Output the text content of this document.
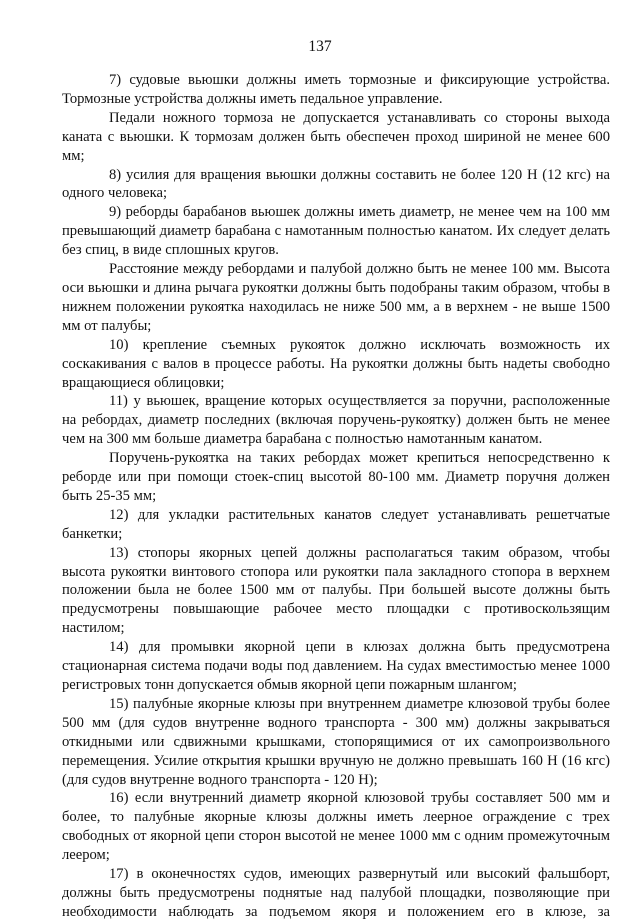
137

7) судовые вьюшки должны иметь тормозные и фиксирующие устройства. Тормозные устройства должны иметь педальное управление.

Педали ножного тормоза не допускается устанавливать со стороны выхода каната с вьюшки. К тормозам должен быть обеспечен проход шириной не менее 600 мм;

8) усилия для вращения вьюшки должны составить не более 120 Н (12 кгс) на одного человека;

9) реборды барабанов вьюшек должны иметь диаметр, не менее чем на 100 мм превышающий диаметр барабана с намотанным полностью канатом. Их следует делать без спиц, в виде сплошных кругов.

Расстояние между ребордами и палубой должно быть не менее 100 мм. Высота оси вьюшки и длина рычага рукоятки должны быть подобраны таким образом, чтобы в нижнем положении рукоятка находилась не ниже 500 мм, а в верхнем - не выше 1500 мм от палубы;

10) крепление съемных рукояток должно исключать возможность их соскакивания с валов в процессе работы. На рукоятки должны быть надеты свободно вращающиеся облицовки;

11) у вьюшек, вращение которых осуществляется за поручни, расположенные на ребордах, диаметр последних (включая поручень-рукоятку) должен быть не менее чем на 300 мм больше диаметра барабана с полностью намотанным канатом.

Поручень-рукоятка на таких ребордах может крепиться непосредственно к реборде или при помощи стоек-спиц высотой 80-100 мм. Диаметр поручня должен быть 25-35 мм;

12) для укладки растительных канатов следует устанавливать решетчатые банкетки;

13) стопоры якорных цепей должны располагаться таким образом, чтобы высота рукоятки винтового стопора или рукоятки пала закладного стопора в верхнем положении была не более 1500 мм от палубы. При большей высоте должны быть предусмотрены повышающие рабочее место площадки с противоскользящим настилом;

14) для промывки якорной цепи в клюзах должна быть предусмотрена стационарная система подачи воды под давлением. На судах вместимостью менее 1000 регистровых тонн допускается обмыв якорной цепи пожарным шлангом;

15) палубные якорные клюзы при внутреннем диаметре клюзовой трубы более 500 мм (для судов внутренне водного транспорта - 300 мм) должны закрываться откидными или сдвижными крышками, стопорящимися от их самопроизвольного перемещения. Усилие открытия крышки вручную не должно превышать 160 Н (16 кгс) (для судов внутренне водного транспорта - 120 Н);

16) если внутренний диаметр якорной клюзовой трубы составляет 500 мм и более, то палубные якорные клюзы должны иметь леерное ограждение с трех свободных от якорной цепи сторон высотой не менее 1000 мм с одним промежуточным леером;

17) в оконечностях судов, имеющих развернутый или высокий фальшборт, должны быть предусмотрены поднятые над палубой площадки, позволяющие при необходимости наблюдать за подъемом якоря и положением его в клюзе, за
